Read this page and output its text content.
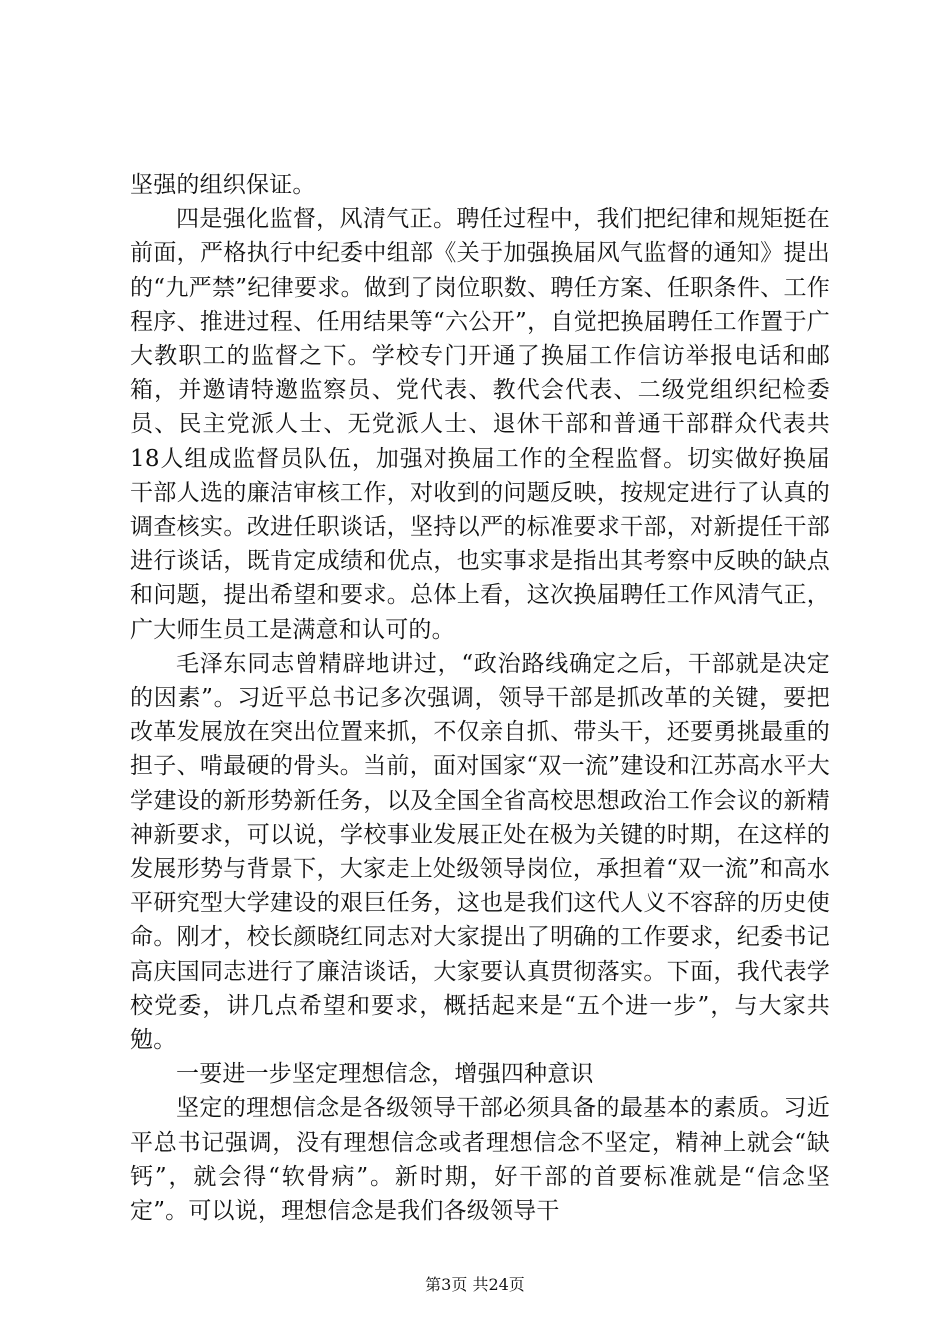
坚强的组织保证。

四是强化监督，风清气正。聘任过程中，我们把纪律和规矩挺在前面，严格执行中纪委中组部《关于加强换届风气监督的通知》提出的“九严禁”纪律要求。做到了岗位职数、聘任方案、任职条件、工作程序、推进过程、任用结果等“六公开”，自觉把换届聘任工作置于广大教职工的监督之下。学校专门开通了换届工作信访举报电话和邮箱，并邀请特邀监察员、党代表、教代会代表、二级党组织纪检委员、民主党派人士、无党派人士、退休干部和普通干部群众代表共18人组成监督员队伍，加强对换届工作的全程监督。切实做好换届干部人选的廉洁审核工作，对收到的问题反映，按规定进行了认真的调查核实。改进任职谈话，坚持以严的标准要求干部，对新提任干部进行谈话，既肯定成绩和优点，也实事求是指出其考察中反映的缺点和问题，提出希望和要求。总体上看，这次换届聘任工作风清气正，广大师生员工是满意和认可的。

毛泽东同志曾精辟地讲过，“政治路线确定之后，干部就是决定的因素”。习近平总书记多次强调，领导干部是抓改革的关键，要把改革发展放在突出位置来抓，不仅亲自抓、带头干，还要勇挑最重的担子、啃最硬的骨头。当前，面对国家“双一流”建设和江苏高水平大学建设的新形势新任务，以及全国全省高校思想政治工作会议的新精神新要求，可以说，学校事业发展正处在极为关键的时期，在这样的发展形势与背景下，大家走上处级领导岗位，承担着“双一流”和高水平研究型大学建设的艰巨任务，这也是我们这代人义不容辞的历史使命。刚才，校长颜晓红同志对大家提出了明确的工作要求，纪委书记高庆国同志进行了廉洁谈话，大家要认真贯彻落实。下面，我代表学校党委，讲几点希望和要求，概括起来是“五个进一步”，与大家共勉。

一要进一步坚定理想信念，增强四种意识

坚定的理想信念是各级领导干部必须具备的最基本的素质。习近平总书记强调，没有理想信念或者理想信念不坚定，精神上就会“缺钙”，就会得“软骨病”。新时期，好干部的首要标准就是“信念坚定”。可以说，理想信念是我们各级领导干

第3页 共24页
